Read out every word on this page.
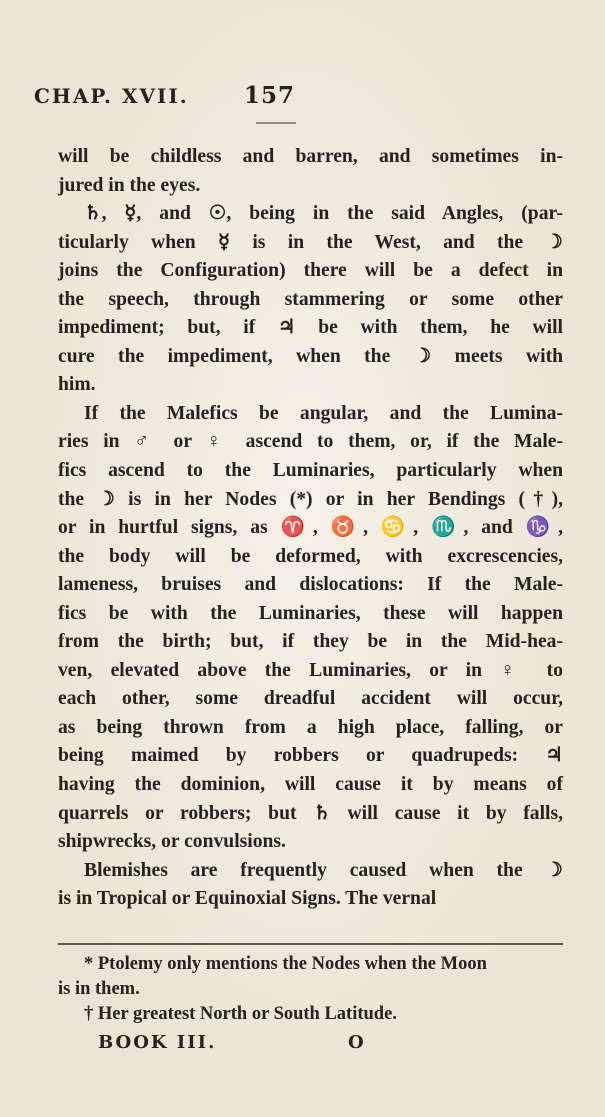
CHAP. XVII. 157
will be childless and barren, and sometimes in-
jured in the eyes.
♄, ☿, and ☉, being in the said Angles, (par-
ticularly when ☿ is in the West, and the ☽
joins the Configuration) there will be a defect in
the speech, through stammering or some other
impediment; but, if ♃ be with them, he will
cure the impediment, when the ☽ meets with
him.
If the Malefics be angular, and the Lumina-
ries in ♂ or ♀ ascend to them, or, if the Male-
fics ascend to the Luminaries, particularly when
the ☽ is in her Nodes (*) or in her Bendings (†),
or in hurtful signs, as ♈, ♉, ♋, ♏, and ♑,
the body will be deformed, with excrescencies,
lameness, bruises and dislocations: If the Male-
fics be with the Luminaries, these will happen
from the birth; but, if they be in the Mid-hea-
ven, elevated above the Luminaries, or in ♀ to
each other, some dreadful accident will occur,
as being thrown from a high place, falling, or
being maimed by robbers or quadrupeds: ♃
having the dominion, will cause it by means of
quarrels or robbers; but ♄ will cause it by falls,
shipwrecks, or convulsions.
Blemishes are frequently caused when the ☽
is in Tropical or Equinoxial Signs. The vernal
* Ptolemy only mentions the Nodes when the Moon
is in them.
† Her greatest North or South Latitude.
BOOK III.	O
